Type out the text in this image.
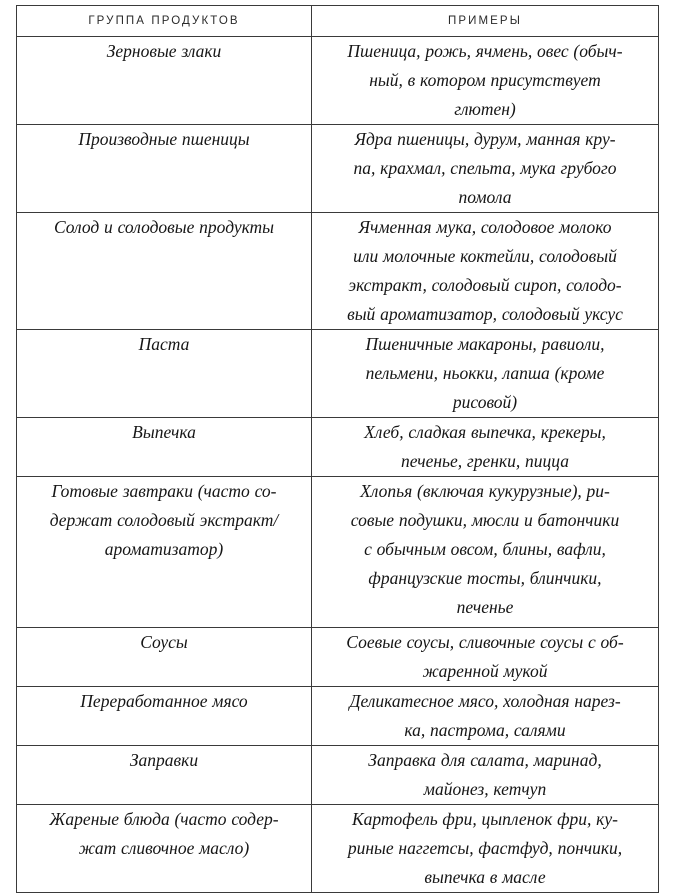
ГРУППА ПРОДУКТОВ	ПРИМЕРЫ

Зерновые злаки	Пшеница, рожь, ячмень, овес (обыч-
ный, в котором присутствует
глютен)

Производные пшеницы	Ядра пшеницы, дурум, манная кру-
па, крахмал, спельта, мука грубого
помола

Солод и солодовые продукты	Ячменная мука, солодовое молоко
или молочные коктейли, солодовый
экстракт, солодовый сироп, солодо-
вый ароматизатор, солодовый уксус

Паста	Пшеничные макароны, равиоли,
пельмени, ньокки, лапша (кроме
рисовой)

Выпечка	Хлеб, сладкая выпечка, крекеры,
печенье, гренки, пицца

Готовые завтраки (часто со-
держат солодовый экстракт/
ароматизатор)	Хлопья (включая кукурузные), ри-
совые подушки, мюсли и батончики
с обычным овсом, блины, вафли,
французские тосты, блинчики,
печенье

Соусы	Соевые соусы, сливочные соусы с об-
жаренной мукой

Переработанное мясо	Деликатесное мясо, холодная нарез-
ка, пастрома, салями

Заправки	Заправка для салата, маринад,
майонез, кетчуп

Жареные блюда (часто содер-
жат сливочное масло)	Картофель фри, цыпленок фри, ку-
риные наггетсы, фастфуд, пончики,
выпечка в масле
